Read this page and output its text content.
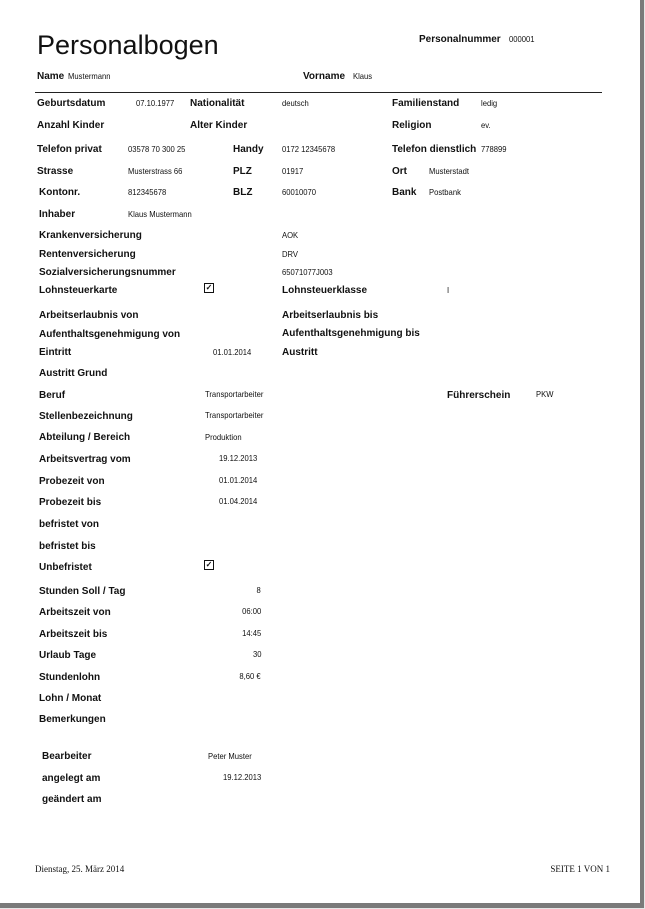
Personalbogen	Personalnummer 000001
Name Mustermann	Vorname Klaus
Geburtsdatum	07.10.1977 Nationalität	deutsch	Familienstand	ledig
Anzahl Kinder	Alter Kinder	Religion	ev.
Telefon privat	03578 70 300 25	Handy 0172 12345678	Telefon dienstlich 778899
Strasse	Musterstrass 66	PLZ	01917	Ort	Musterstadt
Kontonr.	812345678	BLZ	60010070	Bank Postbank
Inhaber	Klaus Mustermann
Krankenversicherung	AOK
Rentenversicherung	DRV
Sozialversicherungsnummer	65071077J003
Lohnsteuerkarte	✓	Lohnsteuerklasse	I
Arbeitserlaubnis von	Arbeitserlaubnis bis
Aufenthaltsgenehmigung von	Aufenthaltsgenehmigung bis
Eintritt	01.01.2014	Austritt
Austritt Grund
Beruf	Transportarbeiter	Führerschein	PKW
Stellenbezeichnung	Transportarbeiter
Abteilung / Bereich	Produktion
Arbeitsvertrag vom	19.12.2013
Probezeit von	01.01.2014
Probezeit bis	01.04.2014
befristet von
befristet bis
Unbefristet	✓
Stunden Soll / Tag	8
Arbeitszeit von	06:00
Arbeitszeit bis	14:45
Urlaub Tage	30
Stundenlohn	8,60 €
Lohn / Monat
Bemerkungen
Bearbeiter	Peter Muster
angelegt am	19.12.2013
geändert am
Dienstag, 25. März 2014	SEITE 1 VON 1
